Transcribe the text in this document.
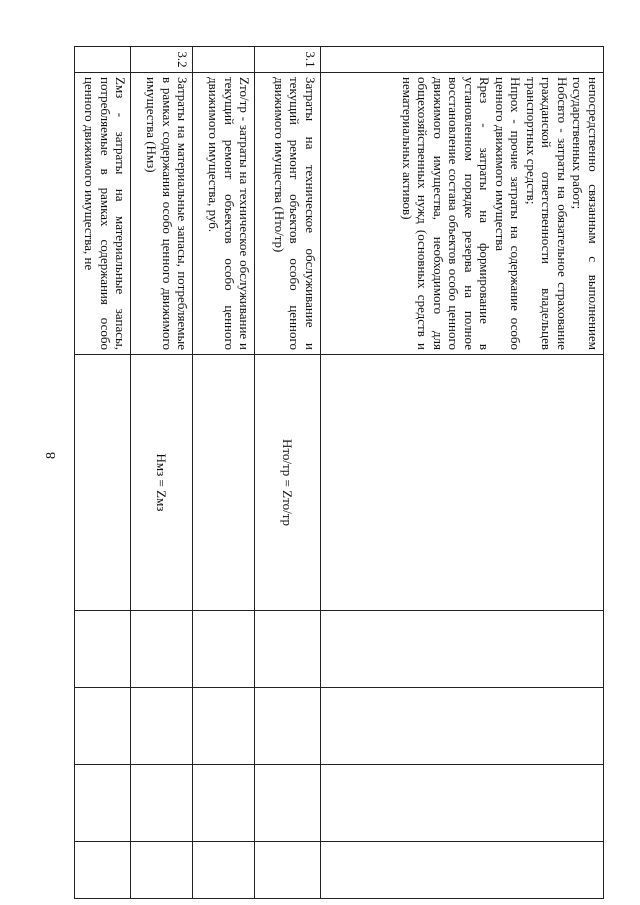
8

	непосредственно связанным с выполнением государственных работ;
Нобсвто - затраты на обязательное страхование гражданской ответственности владельцев транспортных средств;
Нпрох - прочие затраты на содержание особо ценного движимого имущества
Rрез - затраты на формирование в установленном порядке резерва на полное восстановление состава объектов особо ценного движимого имущества, необходимого для общехозяйственных нужд (основных средств и нематериальных активов)					

3.1	Затраты на техническое обслуживание и текущий ремонт объектов особо ценного движимого имущества (Нто/тр)	Нто/тр = Zто/тр				
	Zто/тр - затраты на техническое обслуживание и текущий ремонт объектов особо ценного движимого имущества, руб.					
3.2	Затраты на материальные запасы, потребляемые в рамках содержания особо ценного движимого имущества (Нмз)	Нмз = Zмз				
	Zмз - затраты на материальные запасы, потребляемые в рамках содержания особо ценного движимого имущества, не					
